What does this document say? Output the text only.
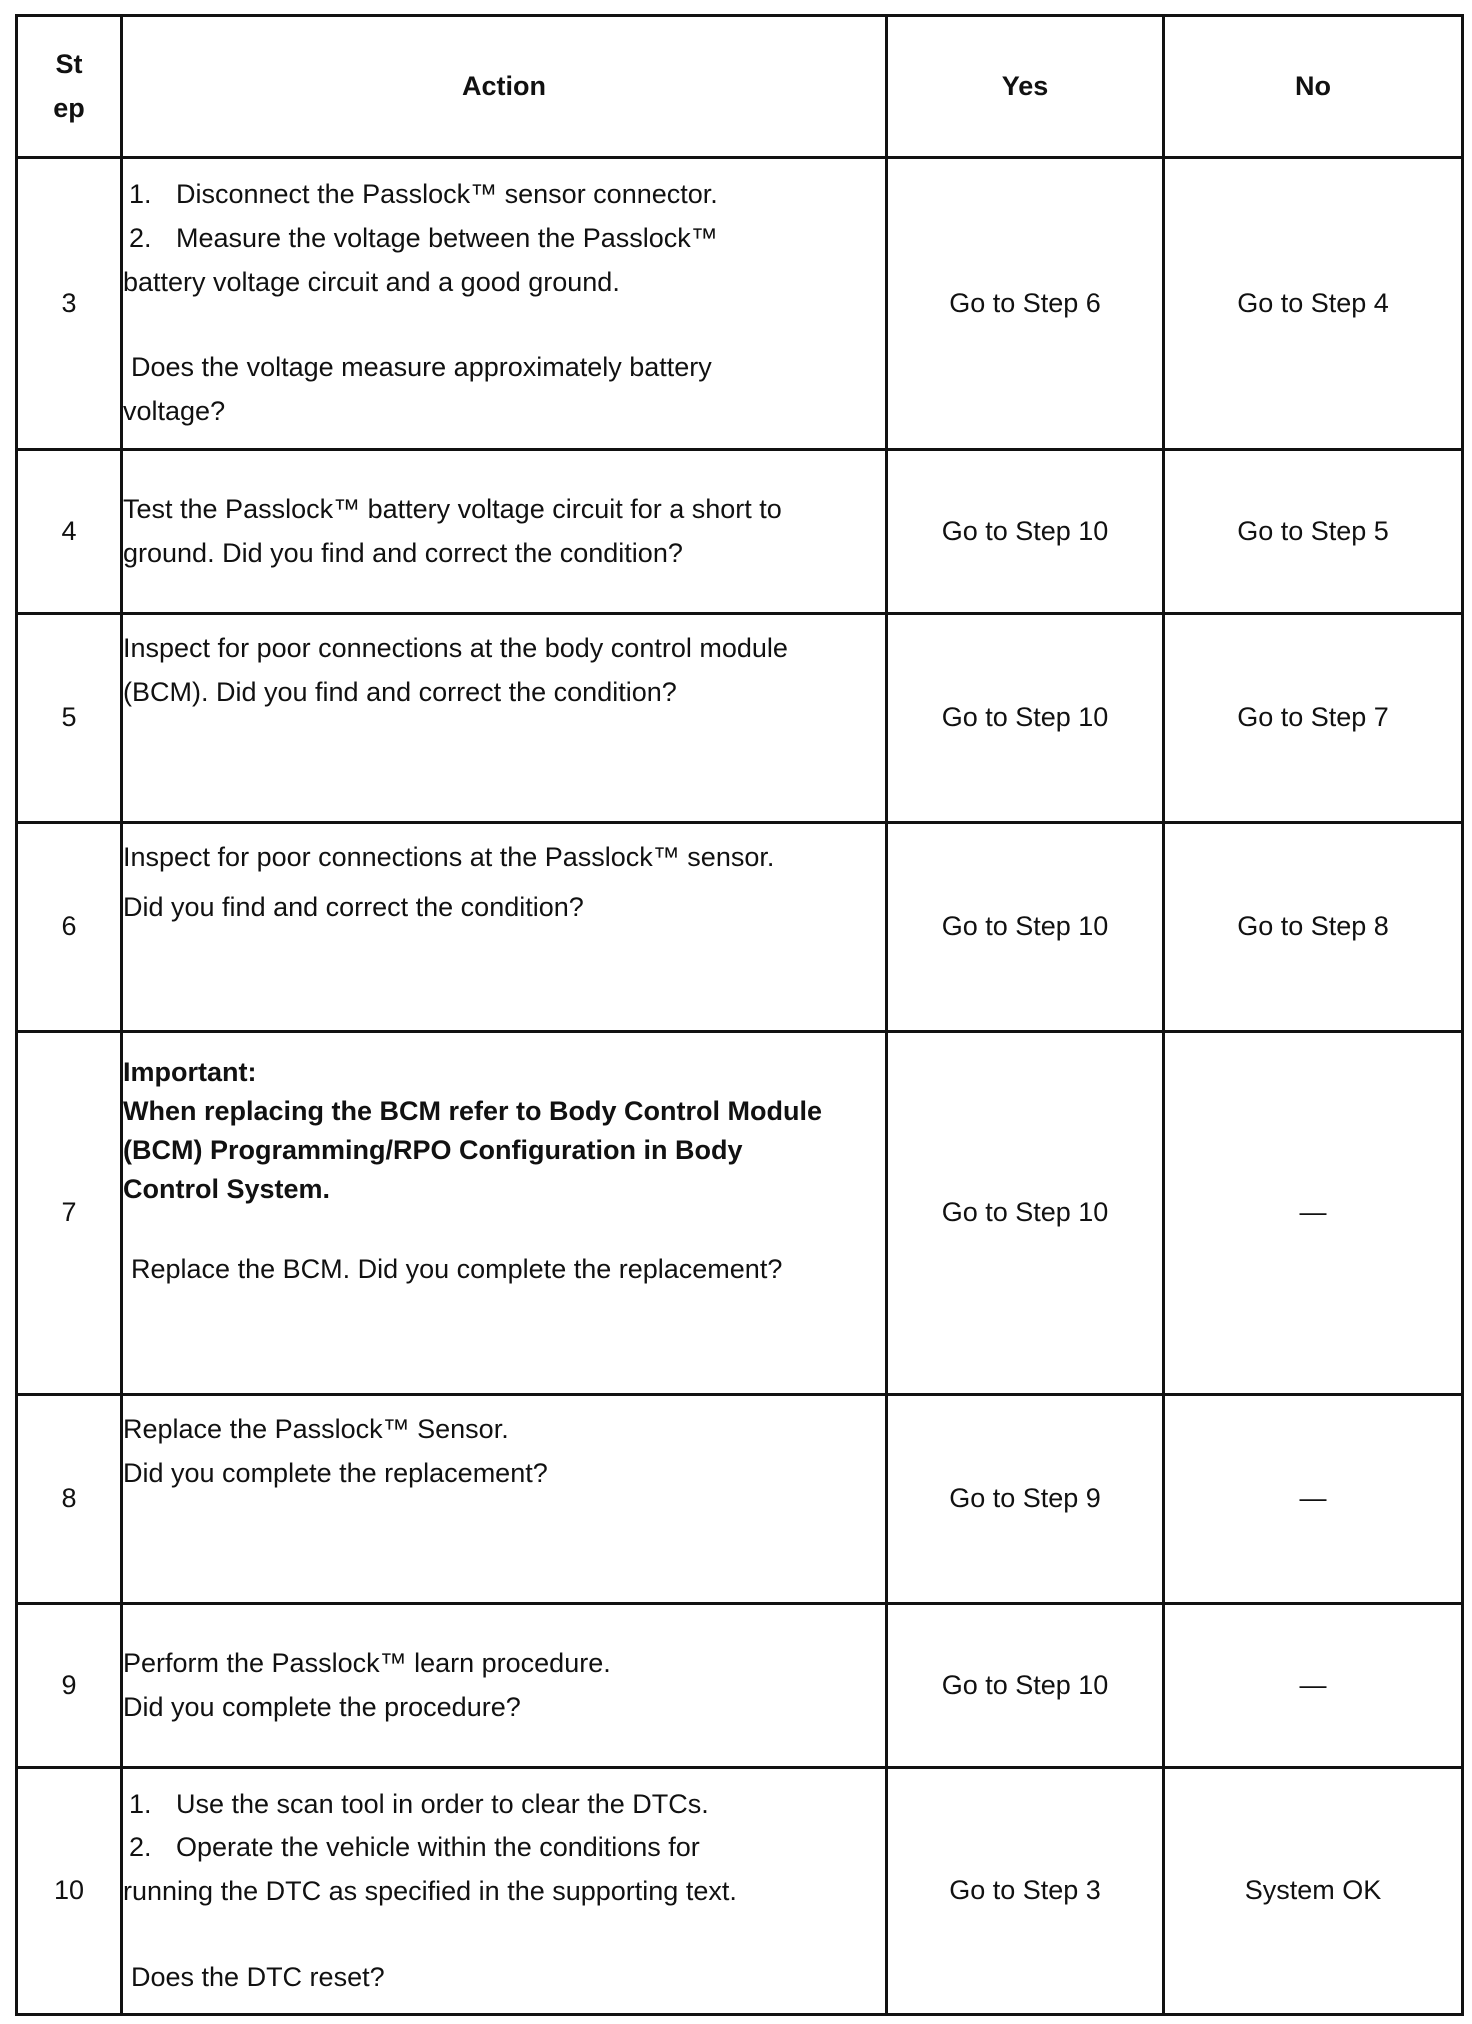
St
ep	Action	Yes	No
3	1. Disconnect the Passlock™ sensor connector.
2. Measure the voltage between the Passlock™
battery voltage circuit and a good ground.
Does the voltage measure approximately battery
voltage?	Go to Step 6	Go to Step 4
4	Test the Passlock™ battery voltage circuit for a short to
ground. Did you find and correct the condition?	Go to Step 10	Go to Step 5
5	Inspect for poor connections at the body control module
(BCM). Did you find and correct the condition?	Go to Step 10	Go to Step 7
6	Inspect for poor connections at the Passlock™ sensor.
Did you find and correct the condition?	Go to Step 10	Go to Step 8
7	Important:
When replacing the BCM refer to Body Control Module
(BCM) Programming/RPO Configuration in Body
Control System.
Replace the BCM. Did you complete the replacement?	Go to Step 10	—
8	Replace the Passlock™ Sensor.
Did you complete the replacement?	Go to Step 9	—
9	Perform the Passlock™ learn procedure.
Did you complete the procedure?	Go to Step 10	—
10	1. Use the scan tool in order to clear the DTCs.
2. Operate the vehicle within the conditions for
running the DTC as specified in the supporting text.
Does the DTC reset?	Go to Step 3	System OK
